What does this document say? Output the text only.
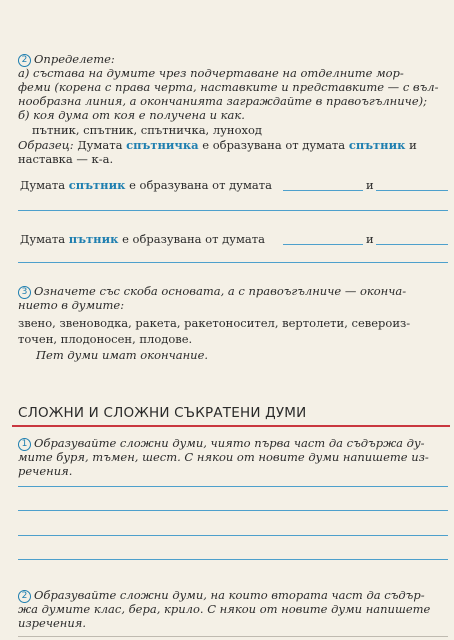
2 Определете:
а) състава на думите чрез подчертаване на отделните мор-
феми (корена с права черта, наставките и представките — с въл-
нообразна линия, а окончанията заграждайте в правоъгълниче);
б) коя дума от коя е получена и как.
пътник, спътник, спътничка, луноход
Образец: Думата спътничка е образувана от думата спътник и
наставка — к-а.
Думата спътник е образувана от думата	и
Думата пътник е образувана от думата	и
3 Означете със скоба основата, а с правоъгълниче — оконча-
нието в думите:
звено, звеноводка, ракета, ракетоносител, вертолети, североиз-
точен, плодоносен, плодове.
Пет думи имат окончание.
СЛОЖНИ И СЛОЖНИ СЪКРАТЕНИ ДУМИ
1 Образувайте сложни думи, чиято първа част да съдържа ду-
мите буря, тъмен, шест. С някои от новите думи напишете из-
речения.
2 Образувайте сложни думи, на които втората част да съдър-
жа думите клас, бера, крило. С някои от новите думи напишете
изречения.
